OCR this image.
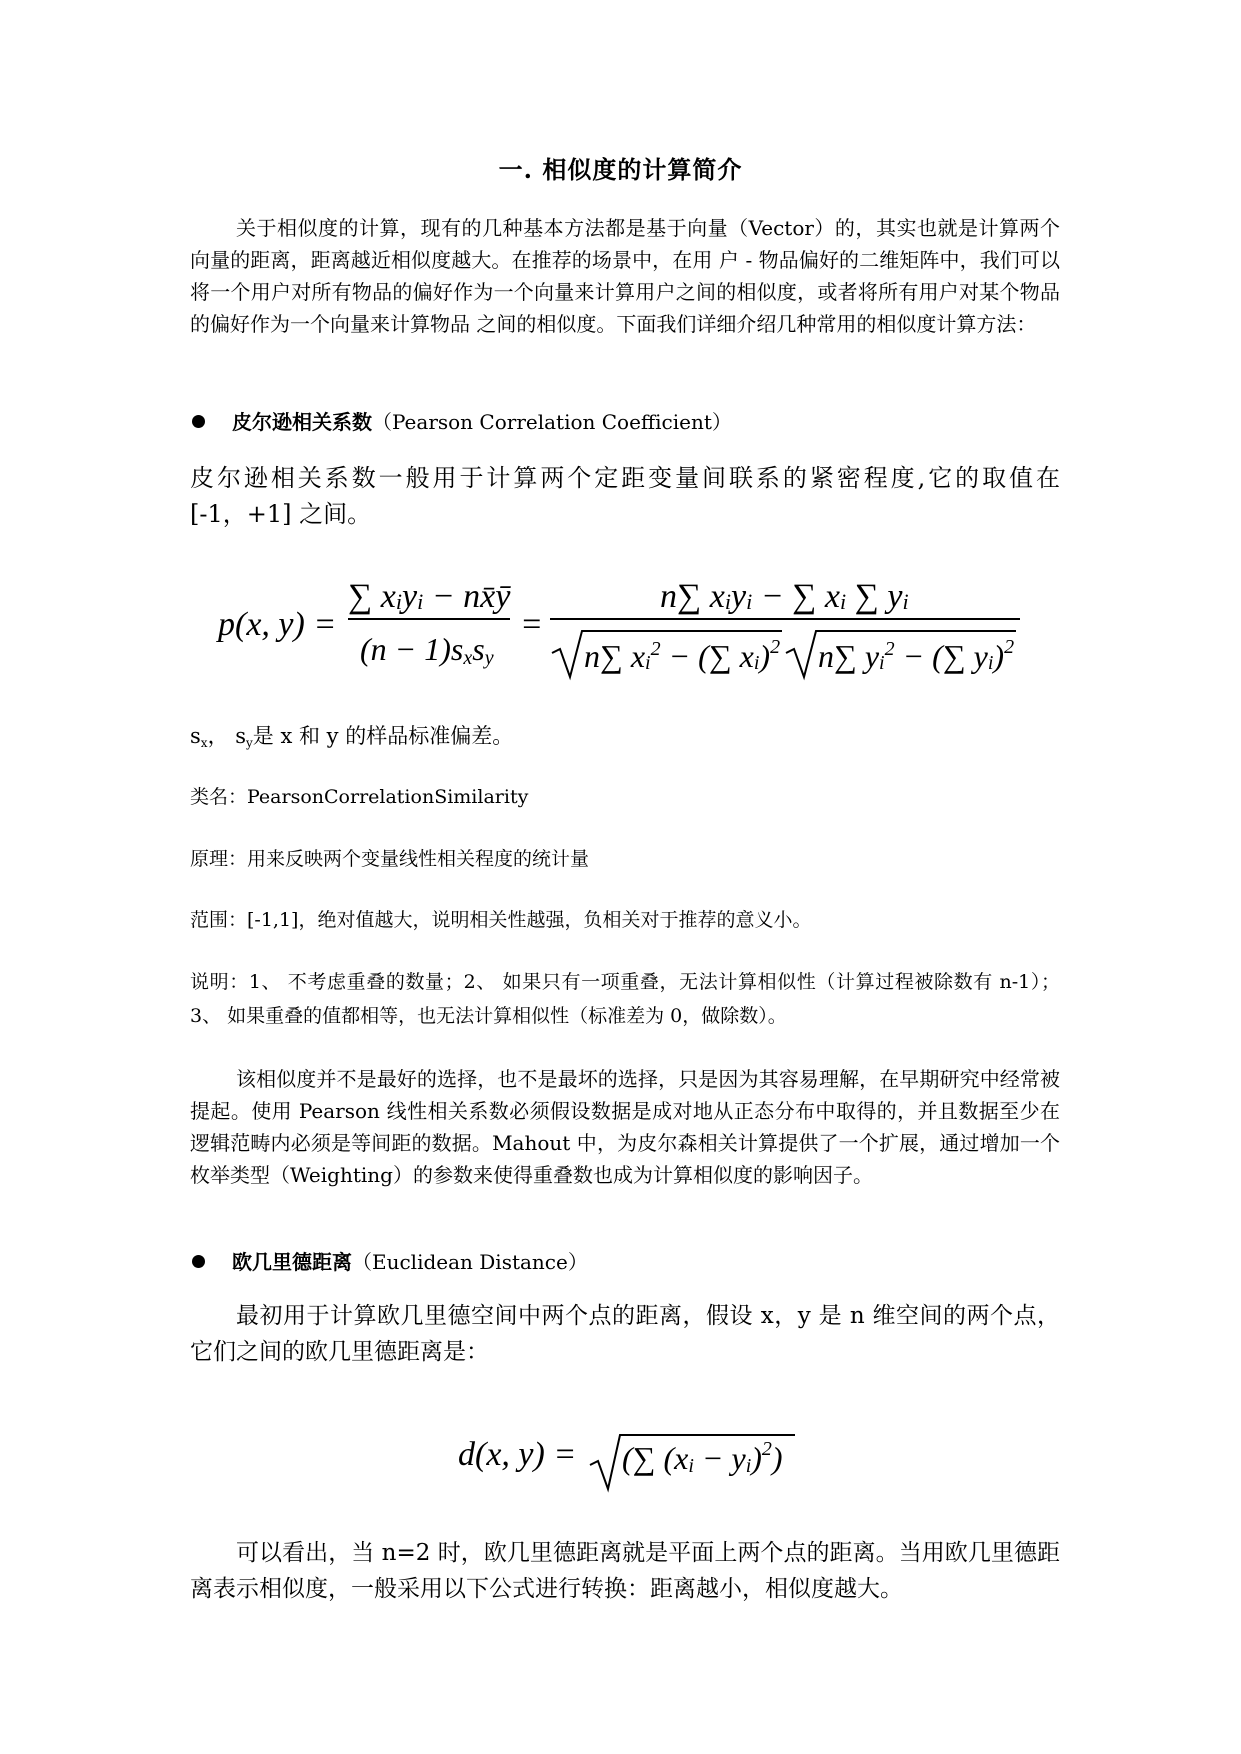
一. 相似度的计算简介
关于相似度的计算，现有的几种基本方法都是基于向量（Vector）的，其实也就是计算两个向量的距离，距离越近相似度越大。在推荐的场景中，在用 户 - 物品偏好的二维矩阵中，我们可以将一个用户对所有物品的偏好作为一个向量来计算用户之间的相似度，或者将所有用户对某个物品的偏好作为一个向量来计算物品 之间的相似度。下面我们详细介绍几种常用的相似度计算方法：
皮尔逊相关系数（Pearson Correlation Coefficient）
皮尔逊相关系数一般用于计算两个定距变量间联系的紧密程度,它的取值在 [-1，+1] 之间。
p(x, y) =
∑ xiyi − nx̄ȳ
(n − 1)sxsy
=
n∑ xiyi − ∑ xi ∑ yi
n∑ $xi^2$ − (∑ xi)$^2$ n∑ $yi^2$ − (∑ yi)$^2$
$s_x$， $s_y$是 x 和 y 的样品标准偏差。
类名：PearsonCorrelationSimilarity
原理：用来反映两个变量线性相关程度的统计量
范围：[-1,1]，绝对值越大，说明相关性越强，负相关对于推荐的意义小。
说明：1、 不考虑重叠的数量；2、 如果只有一项重叠，无法计算相似性（计算过程被除数有 n-1）；3、 如果重叠的值都相等，也无法计算相似性（标准差为 0，做除数）。
该相似度并不是最好的选择，也不是最坏的选择，只是因为其容易理解，在早期研究中经常被提起。使用 Pearson 线性相关系数必须假设数据是成对地从正态分布中取得的，并且数据至少在逻辑范畴内必须是等间距的数据。Mahout 中，为皮尔森相关计算提供了一个扩展，通过增加一个枚举类型（Weighting）的参数来使得重叠数也成为计算相似度的影响因子。
欧几里德距离（Euclidean Distance）
最初用于计算欧几里德空间中两个点的距离，假设 x，y 是 n 维空间的两个点，它们之间的欧几里德距离是：
d(x, y) = (∑ (xi − yi)$^2$)
可以看出，当 n=2 时，欧几里德距离就是平面上两个点的距离。当用欧几里德距离表示相似度，一般采用以下公式进行转换：距离越小，相似度越大。
